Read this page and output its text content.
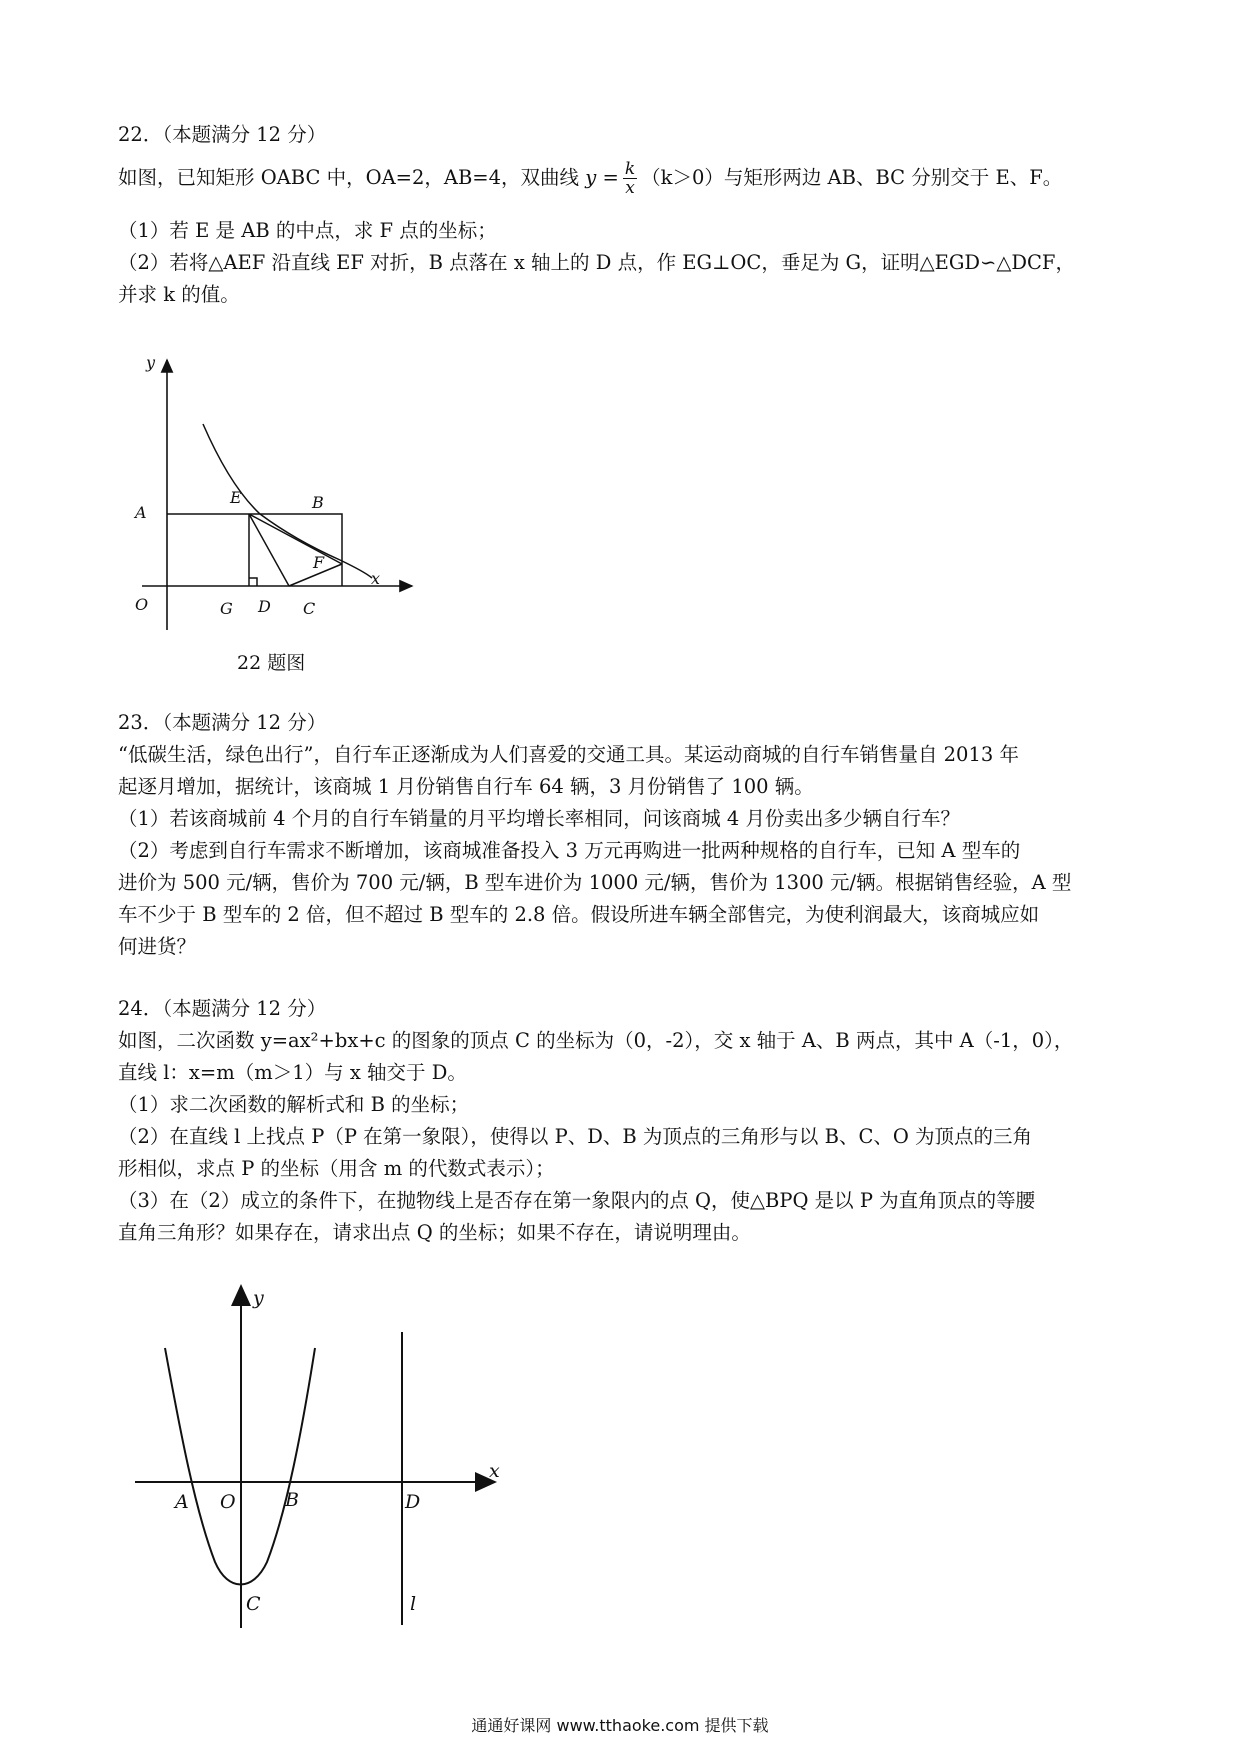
22．（本题满分 12 分）
如图，已知矩形 OABC 中，OA=2，AB=4，双曲线 $y = \frac{k}{x} (k>0)$与矩形两边 AB、BC 分别交于 E、F。
（1）若 E 是 AB 的中点，求 F 点的坐标；
（2）若将△AEF 沿直线 EF 对折，B 点落在 x 轴上的 D 点，作 EG⊥OC，垂足为 G，证明△EGD∽△DCF，
并求 k 的值。
y
x
A
E	B
F
O	G D C
22 题图
23．（本题满分 12 分）
“低碳生活，绿色出行”，自行车正逐渐成为人们喜爱的交通工具。某运动商城的自行车销售量自 2013 年
起逐月增加，据统计，该商城 1 月份销售自行车 64 辆，3 月份销售了 100 辆。
（1）若该商城前 4 个月的自行车销量的月平均增长率相同，问该商城 4 月份卖出多少辆自行车？
（2）考虑到自行车需求不断增加，该商城准备投入 3 万元再购进一批两种规格的自行车，已知 A 型车的
进价为 500 元/辆，售价为 700 元/辆，B 型车进价为 1000 元/辆，售价为 1300 元/辆。根据销售经验，A 型
车不少于 B 型车的 2 倍，但不超过 B 型车的 2.8 倍。假设所进车辆全部售完，为使利润最大，该商城应如
何进货？
24．（本题满分 12 分）
如图，二次函数 y=ax²+bx+c 的图象的顶点 C 的坐标为（0，-2），交 x 轴于 A、B 两点，其中 A（-1，0），
直线 l：x=m（m＞1）与 x 轴交于 D。
（1）求二次函数的解析式和 B 的坐标；
（2）在直线 l 上找点 P（P 在第一象限），使得以 P、D、B 为顶点的三角形与以 B、C、O 为顶点的三角
形相似，求点 P 的坐标（用含 m 的代数式表示）；
（3）在（2）成立的条件下，在抛物线上是否存在第一象限内的点 Q，使△BPQ 是以 P 为直角顶点的等腰
直角三角形？如果存在，请求出点 Q 的坐标；如果不存在，请说明理由。
y
x
A O	B	D
C	l
通通好课网 www.tthaoke.com 提供下载
